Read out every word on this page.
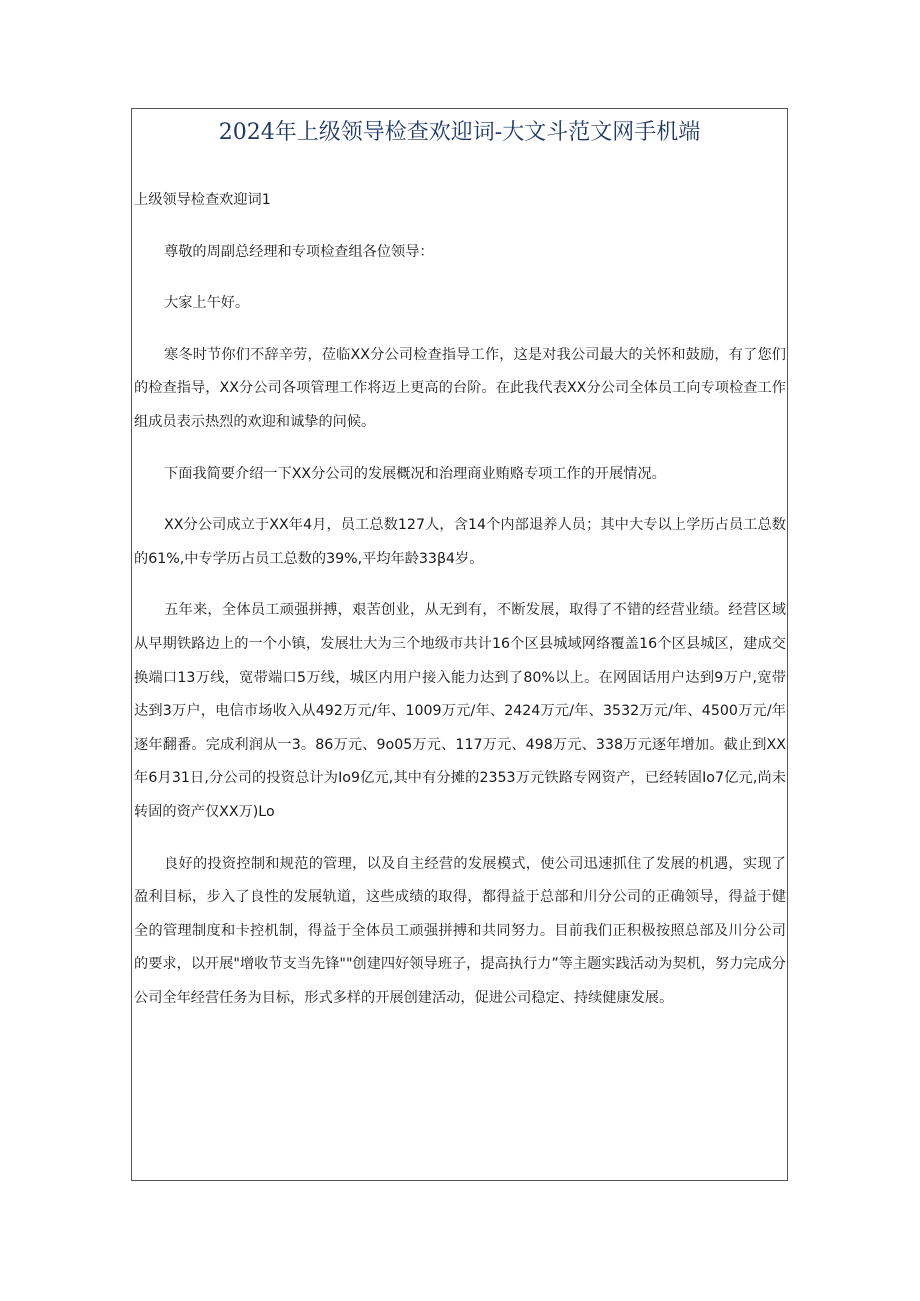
2024年上级领导检查欢迎词-大文斗范文网手机端

上级领导检查欢迎词1

尊敬的周副总经理和专项检查组各位领导：

大家上午好。

寒冬时节你们不辞辛劳，莅临XX分公司检查指导工作，这是对我公司最大的关怀和鼓励，有了您们的检查指导，XX分公司各项管理工作将迈上更高的台阶。在此我代表XX分公司全体员工向专项检查工作组成员表示热烈的欢迎和诚挚的问候。

下面我简要介绍一下XX分公司的发展概况和治理商业贿赂专项工作的开展情况。

XX分公司成立于XX年4月，员工总数127人，含14个内部退养人员；其中大专以上学历占员工总数的61%,中专学历占员工总数的39%,平均年龄33β4岁。

五年来，全体员工顽强拼搏，艰苦创业，从无到有，不断发展，取得了不错的经营业绩。经营区域从早期铁路边上的一个小镇，发展壮大为三个地级市共计16个区县城域网络覆盖16个区县城区，建成交换端口13万线，宽带端口5万线，城区内用户接入能力达到了80%以上。在网固话用户达到9万户,宽带达到3万户，电信市场收入从492万元/年、1009万元/年、2424万元/年、3532万元/年、4500万元/年逐年翻番。完成利润从一3。86万元、9o05万元、117万元、498万元、338万元逐年增加。截止到XX年6月31日,分公司的投资总计为Io9亿元,其中有分摊的2353万元铁路专网资产，已经转固Io7亿元,尚未转固的资产仅XX万)Lo

良好的投资控制和规范的管理，以及自主经营的发展模式，使公司迅速抓住了发展的机遇，实现了盈利目标，步入了良性的发展轨道，这些成绩的取得，都得益于总部和川分公司的正确领导，得益于健全的管理制度和卡控机制，得益于全体员工顽强拼搏和共同努力。目前我们正积极按照总部及川分公司的要求，以开展"增收节支当先锋""创建四好领导班子，提高执行力”等主题实践活动为契机，努力完成分公司全年经营任务为目标，形式多样的开展创建活动，促进公司稳定、持续健康发展。
